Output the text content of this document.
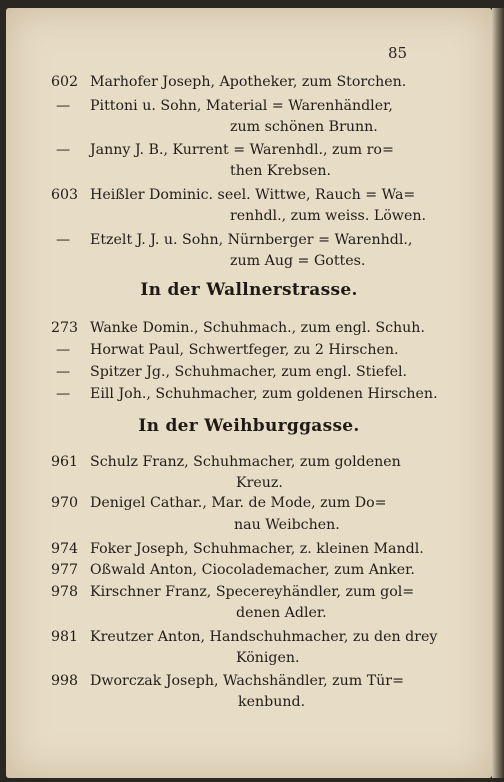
85
602 Marhofer Joseph, Apotheker, zum Storchen.
—	Pittoni u. Sohn, Material = Warenhändler,
zum schönen Brunn.
—	Janny J. B., Kurrent = Warenhdl., zum ro=
then Krebsen.
603 Heißler Dominic. seel. Wittwe, Rauch = Wa=
renhdl., zum weiss. Löwen.
—	Etzelt J. J. u. Sohn, Nürnberger = Warenhdl.,
zum Aug = Gottes.
In der Wallnerstrasse.
273 Wanke Domin., Schuhmach., zum engl. Schuh.
—	Horwat Paul, Schwertfeger, zu 2 Hirschen.
—	Spitzer Jg., Schuhmacher, zum engl. Stiefel.
—	Eill Joh., Schuhmacher, zum goldenen Hirschen.
In der Weihburggasse.
961 Schulz Franz, Schuhmacher, zum goldenen
Kreuz.
970 Denigel Cathar., Mar. de Mode, zum Do=
nau Weibchen.
974 Foker Joseph, Schuhmacher, z. kleinen Mandl.
977 Oßwald Anton, Ciocolademacher, zum Anker.
978 Kirschner Franz, Specereyhändler, zum gol=
denen Adler.
981 Kreutzer Anton, Handschuhmacher, zu den drey
Königen.
998 Dworczak Joseph, Wachshändler, zum Tür=
kenbund.
